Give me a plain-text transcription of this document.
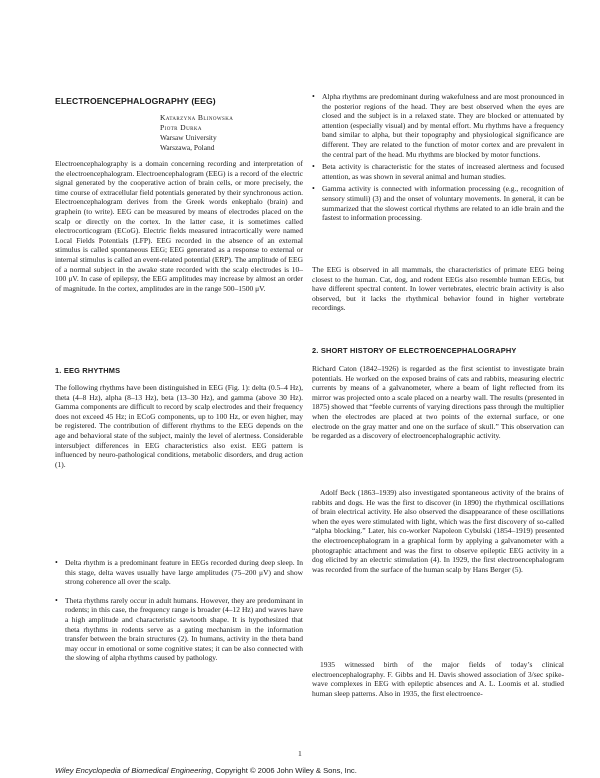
ELECTROENCEPHALOGRAPHY (EEG)
Katarzyna Blinowska
Piotr Durka
Warsaw University
Warszawa, Poland

Electroencephalography is a domain concerning recording and interpretation of the electroencephalogram. Electroencephalogram (EEG) is a record of the electric signal generated by the cooperative action of brain cells, or more precisely, the time course of extracellular field potentials generated by their synchronous action. Electroencephalogram derives from the Greek words enkephalo (brain) and graphein (to write). EEG can be measured by means of electrodes placed on the scalp or directly on the cortex. In the latter case, it is sometimes called electrocorticogram (ECoG). Electric fields measured intracortically were named Local Fields Potentials (LFP). EEG recorded in the absence of an external stimulus is called spontaneous EEG; EEG generated as a response to external or internal stimulus is called an event-related potential (ERP). The amplitude of EEG of a normal subject in the awake state recorded with the scalp electrodes is 10–100 μV. In case of epilepsy, the EEG amplitudes may increase by almost an order of magnitude. In the cortex, amplitudes are in the range 500–1500 μV.

1. EEG RHYTHMS

The following rhythms have been distinguished in EEG (Fig. 1): delta (0.5–4 Hz), theta (4–8 Hz), alpha (8–13 Hz), beta (13–30 Hz), and gamma (above 30 Hz). Gamma components are difficult to record by scalp electrodes and their frequency does not exceed 45 Hz; in ECoG components, up to 100 Hz, or even higher, may be registered. The contribution of different rhythms to the EEG depends on the age and behavioral state of the subject, mainly the level of alertness. Considerable intersubject differences in EEG characteristics also exist. EEG pattern is influenced by neuro-pathological conditions, metabolic disorders, and drug action (1).

• Delta rhythm is a predominant feature in EEGs recorded during deep sleep. In this stage, delta waves usually have large amplitudes (75–200 μV) and show strong coherence all over the scalp.

• Theta rhythms rarely occur in adult humans. However, they are predominant in rodents; in this case, the frequency range is broader (4–12 Hz) and waves have a high amplitude and characteristic sawtooth shape. It is hypothesized that theta rhythms in rodents serve as a gating mechanism in the information transfer between the brain structures (2). In humans, activity in the theta band may occur in emotional or some cognitive states; it can be also connected with the slowing of alpha rhythms caused by pathology.

• Alpha rhythms are predominant during wakefulness and are most pronounced in the posterior regions of the head. They are best observed when the eyes are closed and the subject is in a relaxed state. They are blocked or attenuated by attention (especially visual) and by mental effort. Mu rhythms have a frequency band similar to alpha, but their topography and physiological significance are different. They are related to the function of motor cortex and are prevalent in the central part of the head. Mu rhythms are blocked by motor functions.

• Beta activity is characteristic for the states of increased alertness and focused attention, as was shown in several animal and human studies.

• Gamma activity is connected with information processing (e.g., recognition of sensory stimuli) (3) and the onset of voluntary movements. In general, it can be summarized that the slowest cortical rhythms are related to an idle brain and the fastest to information processing.

The EEG is observed in all mammals, the characteristics of primate EEG being closest to the human. Cat, dog, and rodent EEGs also resemble human EEGs, but have different spectral content. In lower vertebrates, electric brain activity is also observed, but it lacks the rhythmical behavior found in higher vertebrate recordings.

2. SHORT HISTORY OF ELECTROENCEPHALOGRAPHY

Richard Caton (1842–1926) is regarded as the first scientist to investigate brain potentials. He worked on the exposed brains of cats and rabbits, measuring electric currents by means of a galvanometer, where a beam of light reflected from its mirror was projected onto a scale placed on a nearby wall. The results (presented in 1875) showed that “feeble currents of varying directions pass through the multiplier when the electrodes are placed at two points of the external surface, or one electrode on the gray matter and one on the surface of skull.” This observation can be regarded as a discovery of electroencephalographic activity.

Adolf Beck (1863–1939) also investigated spontaneous activity of the brains of rabbits and dogs. He was the first to discover (in 1890) the rhythmical oscillations of brain electrical activity. He also observed the disappearance of these oscillations when the eyes were stimulated with light, which was the first discovery of so-called “alpha blocking.” Later, his co-worker Napoleon Cybulski (1854–1919) presented the electroencephalogram in a graphical form by applying a galvanometer with a photographic attachment and was the first to observe epileptic EEG activity in a dog elicited by an electric stimulation (4). In 1929, the first electroencephalogram was recorded from the surface of the human scalp by Hans Berger (5).

1935 witnessed birth of the major fields of today’s clinical electroencephalography. F. Gibbs and H. Davis showed association of 3/sec spike-wave complexes in EEG with epileptic absences and A. L. Loomis et al. studied human sleep patterns. Also in 1935, the first electroence-

1
Wiley Encyclopedia of Biomedical Engineering, Copyright © 2006 John Wiley & Sons, Inc.
